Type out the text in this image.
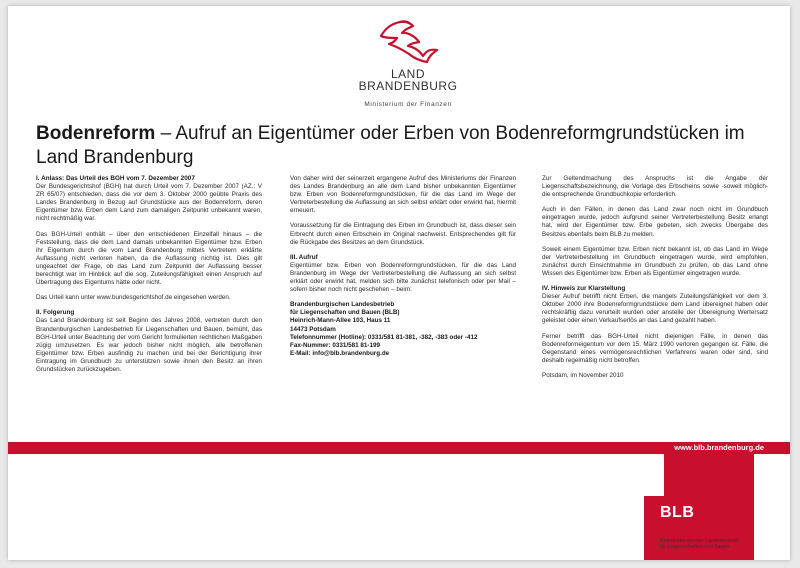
LAND
BRANDENBURG
Ministerium der Finanzen
Bodenreform – Aufruf an Eigentümer oder Erben von Bodenreformgrundstücken im Land Brandenburg
I. Anlass: Das Urteil des BGH vom 7. Dezember 2007

Der Bundesgerichtshof (BGH) hat durch Urteil vom 7. Dezember 2007 (AZ.: V ZR 65/07) entschieden, dass die vor dem 3. Oktober 2000 geübte Praxis des Landes Brandenburg in Bezug auf Grundstücke aus der Bodenreform, deren Eigentümer bzw. Erben dem Land zum damaligen Zeitpunkt unbekannt waren, nicht rechtmäßig war.

Das BGH-Urteil enthält – über den entschiedenen Einzelfall hinaus – die Feststellung, dass die dem Land damals unbekannten Eigentümer bzw. Erben ihr Eigentum durch die vom Land Brandenburg mittels Vertretern erklärte Auflassung nicht verloren haben, da die Auflassung nichtig ist. Dies gilt ungeachtet der Frage, ob das Land zum Zeitpunkt der Auflassung besser berechtigt war im Hinblick auf die sog. Zuteilungsfähigkeit einen Anspruch auf Übertragung des Eigentums hätte oder nicht.

Das Urteil kann unter www.bundesgerichtshof.de eingesehen werden.

II. Folgerung

Das Land Brandenburg ist seit Beginn des Jahres 2008, vertreten durch den Brandenburgischen Landesbetrieb für Liegenschaften und Bauen, bemüht, das BGH-Urteil unter Beachtung der vom Gericht formulierten rechtlichen Maßgaben zügig umzusetzen. Es war jedoch bisher nicht möglich, alle betroffenen Eigentümer bzw. Erben ausfindig zu machen und bei der Berichtigung ihrer Eintragung im Grundbuch zu unterstützen sowie ihnen den Besitz an ihren Grundstücken zurückzugeben.

Von daher wird der seinerzeit ergangene Aufruf des Ministeriums der Finanzen des Landes Brandenburg an alle dem Land bisher unbekannten Eigentümer bzw. Erben von Bodenreformgrundstücken, für die das Land im Wege der Vertreterbestellung die Auflassung an sich selbst erklärt oder erwirkt hat, hiermit erneuert.

Voraussetzung für die Eintragung des Erben im Grundbuch ist, dass dieser sein Erbrecht durch einen Erbschein im Original nachweist. Entsprechendes gilt für die Rückgabe des Besitzes an dem Grundstück.

III. Aufruf

Eigentümer bzw. Erben von Bodenreformgrundstücken, für die das Land Brandenburg im Wege der Vertreterbestellung die Auflassung an sich selbst erklärt oder erwirkt hat, melden sich bitte zunächst telefonisch oder per Mail – sofern bisher noch nicht geschehen – beim:

Brandenburgischen Landesbetrieb
für Liegenschaften und Bauen (BLB)
Heinrich-Mann-Allee 103, Haus 11
14473 Potsdam
Telefonnummer (Hotline): 0331/581 81-381, -382, -383 oder -412
Fax-Nummer: 0331/581 81-199
E-Mail: info@blb.brandenburg.de

Zur Geltendmachung des Anspruchs ist die Angabe der Liegenschaftsbezeichnung, die Vorlage des Erbscheins sowie -soweit möglich- die entsprechende Grundbuchkopie erforderlich.

Auch in den Fällen, in denen das Land zwar noch nicht im Grundbuch eingetragen wurde, jedoch aufgrund seiner Vertreterbestellung Besitz erlangt hat, wird der Eigentümer bzw. Erbe gebeten, sich zwecks Übergabe des Besitzes ebenfalls beim BLB zu melden.

Soweit einem Eigentümer bzw. Erben nicht bekannt ist, ob das Land im Wege der Vertreterbestellung im Grundbuch eingetragen wurde, wird empfohlen, zunächst durch Einsichtnahme im Grundbuch zu prüfen, ob das Land ohne Wissen des Eigentümer bzw. Erben als Eigentümer eingetragen wurde.

IV. Hinweis zur Klarstellung

Dieser Aufruf betrifft nicht Erben, die mangels Zuteilungsfähigkeit vor dem 3. Oktober 2000 ihre Bodenreformgrundstücke dem Land übereignet haben oder rechtskräftig dazu verurteilt wurden oder anstelle der Übereignung Wertersatz geleistet oder einen Verkaufserlös an das Land gezahlt haben.

Ferner betrifft das BGH-Urteil nicht diejenigen Fälle, in denen das Bodenreformeigentum vor dem 15. März 1990 verloren gegangen ist. Fälle, die Gegenstand eines vermögensrechtlichen Verfahrens waren oder sind, sind deshalb regelmäßig nicht betroffen.

Potsdam, im November 2010

www.blb.brandenburg.de
BLB
Brandenburgischer Landesbetrieb
für Liegenschaften und Bauen
